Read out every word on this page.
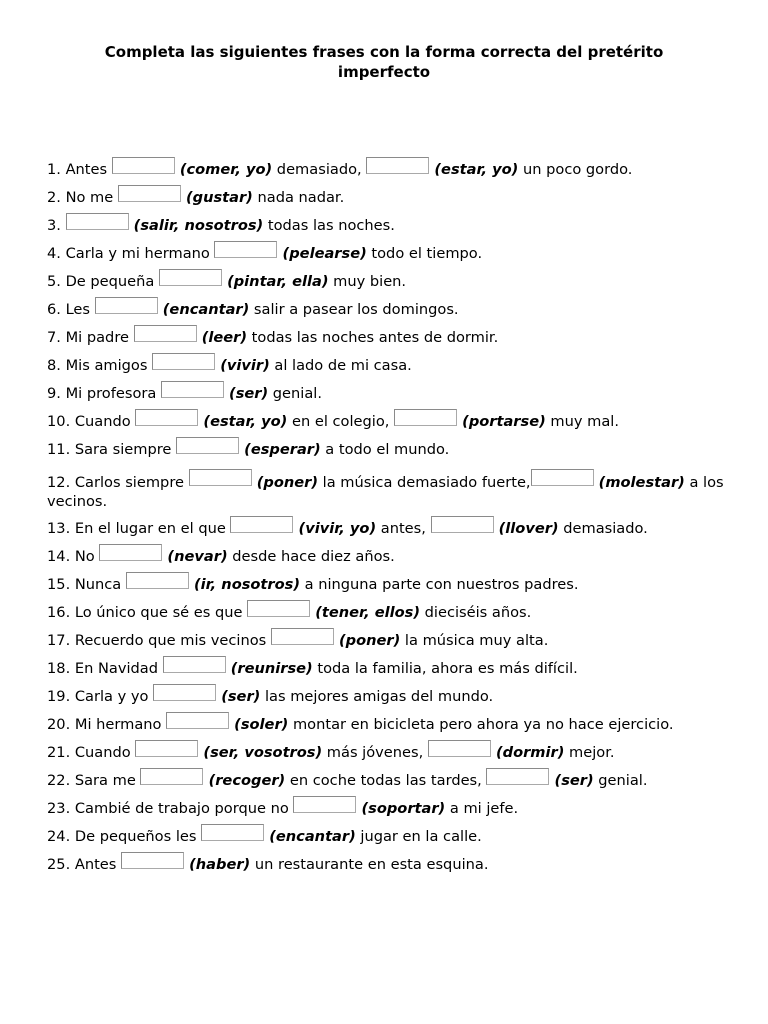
Completa las siguientes frases con la forma correcta del pretérito imperfecto
1. Antes	(comer, yo) demasiado,	(estar, yo) un poco gordo.
2. No me	(gustar) nada nadar.
3.	(salir, nosotros) todas las noches.
4. Carla y mi hermano	(pelearse) todo el tiempo.
5. De pequeña	(pintar, ella) muy bien.
6. Les	(encantar) salir a pasear los domingos.
7. Mi padre	(leer) todas las noches antes de dormir.
8. Mis amigos	(vivir) al lado de mi casa.
9. Mi profesora	(ser) genial.
10. Cuando	(estar, yo) en el colegio,	(portarse) muy mal.
11. Sara siempre	(esperar) a todo el mundo.
12. Carlos siempre	(poner) la música demasiado fuerte,	(molestar) a los vecinos.
13. En el lugar en el que	(vivir, yo) antes,	(llover) demasiado.
14. No	(nevar) desde hace diez años.
15. Nunca	(ir, nosotros) a ninguna parte con nuestros padres.
16. Lo único que sé es que	(tener, ellos) dieciséis años.
17. Recuerdo que mis vecinos	(poner) la música muy alta.
18. En Navidad	(reunirse) toda la familia, ahora es más difícil.
19. Carla y yo	(ser) las mejores amigas del mundo.
20. Mi hermano	(soler) montar en bicicleta pero ahora ya no hace ejercicio.
21. Cuando	(ser, vosotros) más jóvenes,	(dormir) mejor.
22. Sara me	(recoger) en coche todas las tardes,	(ser) genial.
23. Cambié de trabajo porque no	(soportar) a mi jefe.
24. De pequeños les	(encantar) jugar en la calle.
25. Antes	(haber) un restaurante en esta esquina.
